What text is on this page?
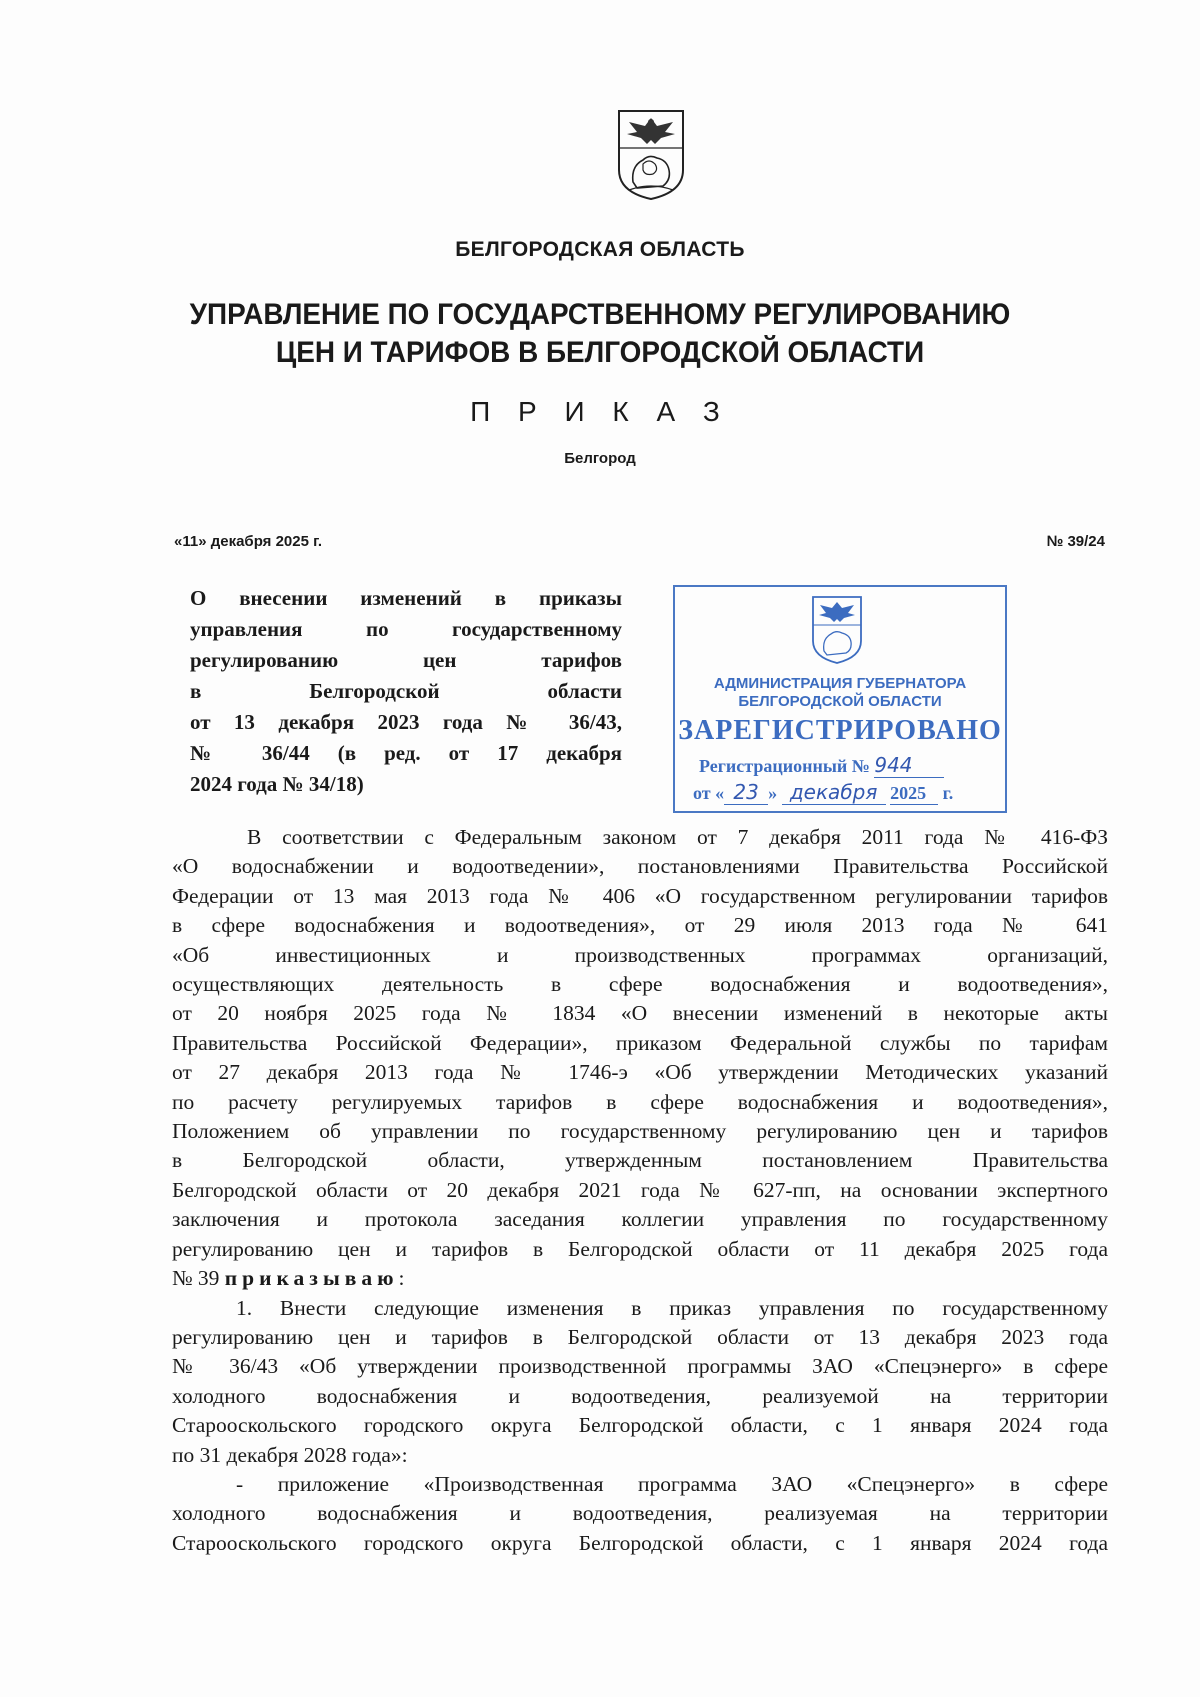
БЕЛГОРОДСКАЯ ОБЛАСТЬ
УПРАВЛЕНИЕ ПО ГОСУДАРСТВЕННОМУ РЕГУЛИРОВАНИЮ
ЦЕН И ТАРИФОВ В БЕЛГОРОДСКОЙ ОБЛАСТИ
П Р И К А З
Белгород
«11» декабря 2025 г.	№ 39/24
О внесении изменений в приказы
управления по государственному
регулированию цен тарифов
в Белгородской области
от 13 декабря 2023 года № 36/43,
№ 36/44 (в ред. от 17 декабря
2024 года № 34/18)
АДМИНИСТРАЦИЯ ГУБЕРНАТОРА
БЕЛГОРОДСКОЙ ОБЛАСТИ
ЗАРЕГИСТРИРОВАНО
Регистрационный № 944
от « 23 » декабря 2025 г.
В соответствии с Федеральным законом от 7 декабря 2011 года № 416-ФЗ
«О водоснабжении и водоотведении», постановлениями Правительства Российской
Федерации от 13 мая 2013 года № 406 «О государственном регулировании тарифов
в сфере водоснабжения и водоотведения», от 29 июля 2013 года № 641
«Об инвестиционных и производственных программах организаций,
осуществляющих деятельность в сфере водоснабжения и водоотведения»,
от 20 ноября 2025 года № 1834 «О внесении изменений в некоторые акты
Правительства Российской Федерации», приказом Федеральной службы по тарифам
от 27 декабря 2013 года № 1746-э «Об утверждении Методических указаний
по расчету регулируемых тарифов в сфере водоснабжения и водоотведения»,
Положением об управлении по государственному регулированию цен и тарифов
в Белгородской области, утвержденным постановлением Правительства
Белгородской области от 20 декабря 2021 года № 627-пп, на основании экспертного
заключения и протокола заседания коллегии управления по государственному
регулированию цен и тарифов в Белгородской области от 11 декабря 2025 года
№ 39 приказываю:
1. Внести следующие изменения в приказ управления по государственному
регулированию цен и тарифов в Белгородской области от 13 декабря 2023 года
№ 36/43 «Об утверждении производственной программы ЗАО «Спецэнерго» в сфере
холодного водоснабжения и водоотведения, реализуемой на территории
Старооскольского городского округа Белгородской области, с 1 января 2024 года
по 31 декабря 2028 года»:
- приложение «Производственная программа ЗАО «Спецэнерго» в сфере
холодного водоснабжения и водоотведения, реализуемая на территории
Старооскольского городского округа Белгородской области, с 1 января 2024 года
